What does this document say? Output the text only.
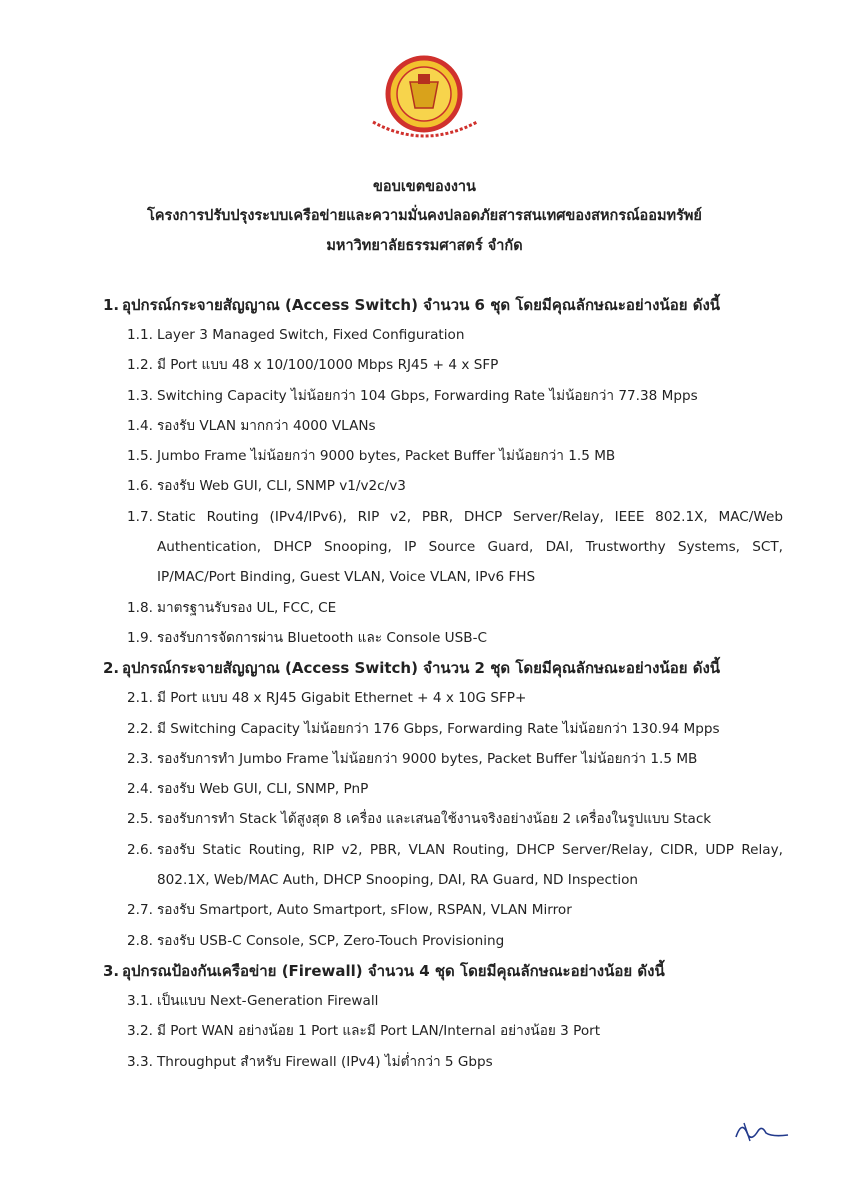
ขอบเขตของงาน
โครงการปรับปรุงระบบเครือข่ายและความมั่นคงปลอดภัยสารสนเทศของสหกรณ์ออมทรัพย์
มหาวิทยาลัยธรรมศาสตร์ จำกัด
1. อุปกรณ์กระจายสัญญาณ (Access Switch) จำนวน 6 ชุด โดยมีคุณลักษณะอย่างน้อย ดังนี้
1.1. Layer 3 Managed Switch, Fixed Configuration
1.2. มี Port แบบ 48 x 10/100/1000 Mbps RJ45 + 4 x SFP
1.3. Switching Capacity ไม่น้อยกว่า 104 Gbps, Forwarding Rate ไม่น้อยกว่า 77.38 Mpps
1.4. รองรับ VLAN มากกว่า 4000 VLANs
1.5. Jumbo Frame ไม่น้อยกว่า 9000 bytes, Packet Buffer ไม่น้อยกว่า 1.5 MB
1.6. รองรับ Web GUI, CLI, SNMP v1/v2c/v3
1.7. Static Routing (IPv4/IPv6), RIP v2, PBR, DHCP Server/Relay, IEEE 802.1X, MAC/Web Authentication, DHCP Snooping, IP Source Guard, DAI, Trustworthy Systems, SCT, IP/MAC/Port Binding, Guest VLAN, Voice VLAN, IPv6 FHS
1.8. มาตรฐานรับรอง UL, FCC, CE
1.9. รองรับการจัดการผ่าน Bluetooth และ Console USB-C
2. อุปกรณ์กระจายสัญญาณ (Access Switch) จำนวน 2 ชุด โดยมีคุณลักษณะอย่างน้อย ดังนี้
2.1. มี Port แบบ 48 x RJ45 Gigabit Ethernet + 4 x 10G SFP+
2.2. มี Switching Capacity ไม่น้อยกว่า 176 Gbps, Forwarding Rate ไม่น้อยกว่า 130.94 Mpps
2.3. รองรับการทำ Jumbo Frame ไม่น้อยกว่า 9000 bytes, Packet Buffer ไม่น้อยกว่า 1.5 MB
2.4. รองรับ Web GUI, CLI, SNMP, PnP
2.5. รองรับการทำ Stack ได้สูงสุด 8 เครื่อง และเสนอใช้งานจริงอย่างน้อย 2 เครื่องในรูปแบบ Stack
2.6. รองรับ Static Routing, RIP v2, PBR, VLAN Routing, DHCP Server/Relay, CIDR, UDP Relay, 802.1X, Web/MAC Auth, DHCP Snooping, DAI, RA Guard, ND Inspection
2.7. รองรับ Smartport, Auto Smartport, sFlow, RSPAN, VLAN Mirror
2.8. รองรับ USB-C Console, SCP, Zero-Touch Provisioning
3. อุปกรณป้องกันเครือข่าย (Firewall) จำนวน 4 ชุด โดยมีคุณลักษณะอย่างน้อย ดังนี้
3.1. เป็นแบบ Next-Generation Firewall
3.2. มี Port WAN อย่างน้อย 1 Port และมี Port LAN/Internal อย่างน้อย 3 Port
3.3. Throughput สำหรับ Firewall (IPv4) ไม่ต่ำกว่า 5 Gbps
